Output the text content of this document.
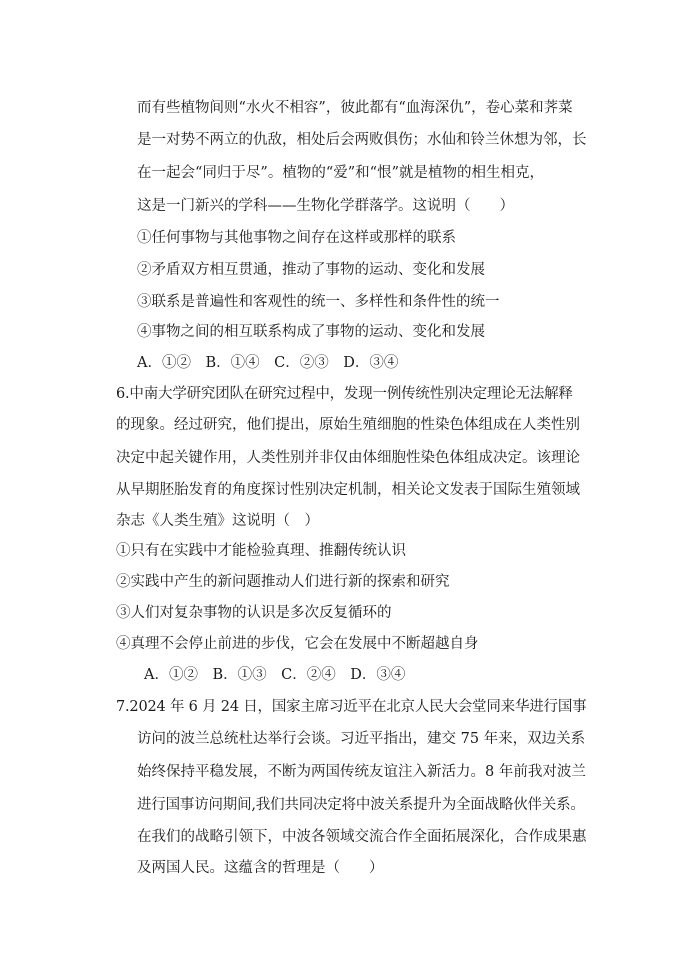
而有些植物间则“水火不相容”，彼此都有“血海深仇”，卷心菜和荠菜
是一对势不两立的仇敌，相处后会两败俱伤；水仙和铃兰休想为邻，长
在一起会“同归于尽”。植物的“爱”和“恨”就是植物的相生相克，
这是一门新兴的学科——生物化学群落学。这说明（　　）
①任何事物与其他事物之间存在这样或那样的联系
②矛盾双方相互贯通，推动了事物的运动、变化和发展
③联系是普遍性和客观性的统一、多样性和条件性的统一
④事物之间的相互联系构成了事物的运动、变化和发展
A．①②　B．①④　C．②③　D．③④
6.中南大学研究团队在研究过程中，发现一例传统性别决定理论无法解释
的现象。经过研究，他们提出，原始生殖细胞的性染色体组成在人类性别
决定中起关键作用，人类性别并非仅由体细胞性染色体组成决定。该理论
从早期胚胎发育的角度探讨性别决定机制，相关论文发表于国际生殖领域
杂志《人类生殖》这说明（　）
①只有在实践中才能检验真理、推翻传统认识
②实践中产生的新问题推动人们进行新的探索和研究
③人们对复杂事物的认识是多次反复循环的
④真理不会停止前进的步伐，它会在发展中不断超越自身
A．①②　B．①③　C．②④　D．③④
7.2024 年 6 月 24 日，国家主席习近平在北京人民大会堂同来华进行国事
访问的波兰总统杜达举行会谈。习近平指出，建交 75 年来，双边关系
始终保持平稳发展，不断为两国传统友谊注入新活力。8 年前我对波兰
进行国事访问期间,我们共同决定将中波关系提升为全面战略伙伴关系。
在我们的战略引领下，中波各领域交流合作全面拓展深化，合作成果惠
及两国人民。这蕴含的哲理是（　　）
